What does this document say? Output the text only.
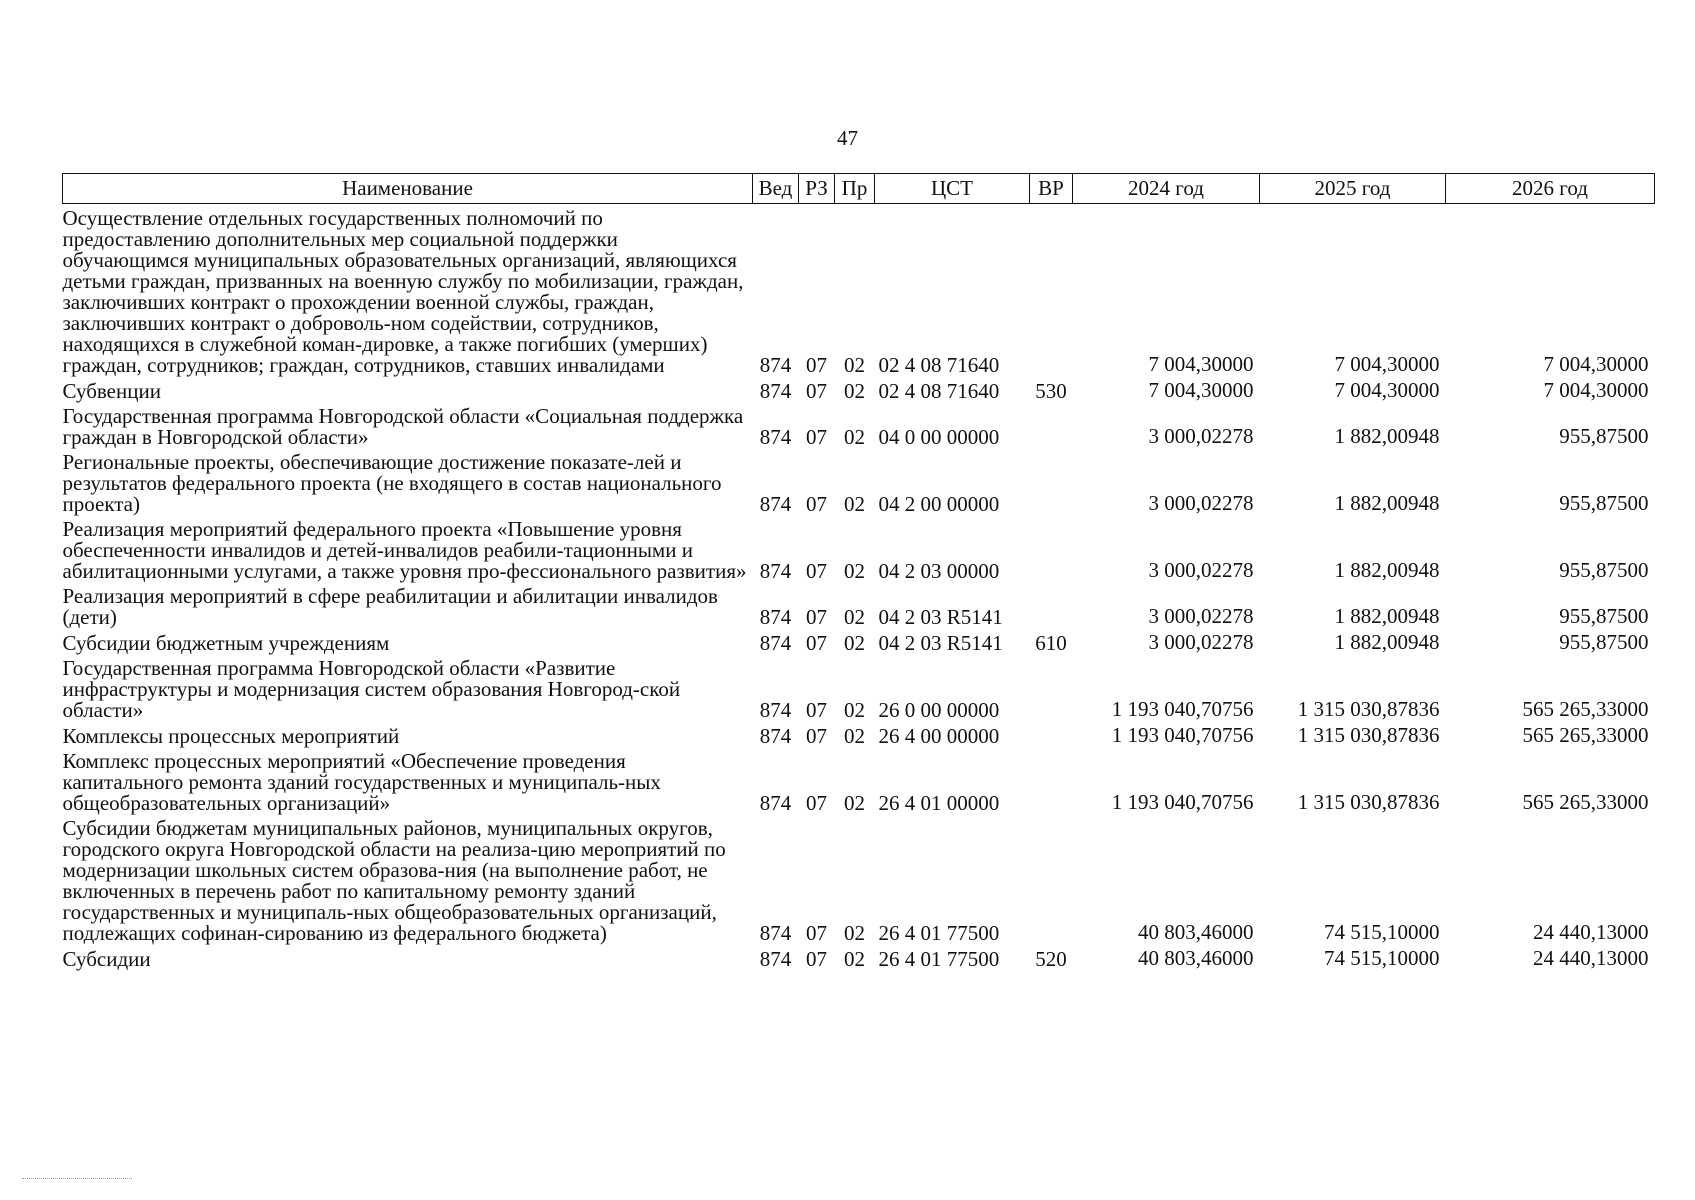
47
Наименование	Вед	РЗ	Пр	ЦСТ	ВР	2024 год	2025 год	2026 год
Осуществление отдельных государственных полномочий по предоставлению дополнительных мер социальной поддержки обучающимся муниципальных образовательных организаций, являющихся детьми граждан, призванных на военную службу по мобилизации, граждан, заключивших контракт о прохождении военной службы, граждан, заключивших контракт о доброволь-ном содействии, сотрудников, находящихся в служебной коман-дировке, а также погибших (умерших) граждан, сотрудников; граждан, сотрудников, ставших инвалидами	874	07	02	02 4 08 71640		7 004,30000	7 004,30000	7 004,30000
Субвенции	874	07	02	02 4 08 71640	530	7 004,30000	7 004,30000	7 004,30000
Государственная программа Новгородской области «Социальная поддержка граждан в Новгородской области»	874	07	02	04 0 00 00000		3 000,02278	1 882,00948	955,87500
Региональные проекты, обеспечивающие достижение показате-лей и результатов федерального проекта (не входящего в состав национального проекта)	874	07	02	04 2 00 00000		3 000,02278	1 882,00948	955,87500
Реализация мероприятий федерального проекта «Повышение уровня обеспеченности инвалидов и детей-инвалидов реабили-тационными и абилитационными услугами, а также уровня про-фессионального развития»	874	07	02	04 2 03 00000		3 000,02278	1 882,00948	955,87500
Реализация мероприятий в сфере реабилитации и абилитации инвалидов (дети)	874	07	02	04 2 03 R5141		3 000,02278	1 882,00948	955,87500
Субсидии бюджетным учреждениям	874	07	02	04 2 03 R5141	610	3 000,02278	1 882,00948	955,87500
Государственная программа Новгородской области «Развитие инфраструктуры и модернизация систем образования Новгород-ской области»	874	07	02	26 0 00 00000		1 193 040,70756	1 315 030,87836	565 265,33000
Комплексы процессных мероприятий	874	07	02	26 4 00 00000		1 193 040,70756	1 315 030,87836	565 265,33000
Комплекс процессных мероприятий «Обеспечение проведения капитального ремонта зданий государственных и муниципаль-ных общеобразовательных организаций»	874	07	02	26 4 01 00000		1 193 040,70756	1 315 030,87836	565 265,33000
Субсидии бюджетам муниципальных районов, муниципальных округов, городского округа Новгородской области на реализа-цию мероприятий по модернизации школьных систем образова-ния (на выполнение работ, не включенных в перечень работ по капитальному ремонту зданий государственных и муниципаль-ных общеобразовательных организаций, подлежащих софинан-сированию из федерального бюджета)	874	07	02	26 4 01 77500		40 803,46000	74 515,10000	24 440,13000
Субсидии	874	07	02	26 4 01 77500	520	40 803,46000	74 515,10000	24 440,13000
